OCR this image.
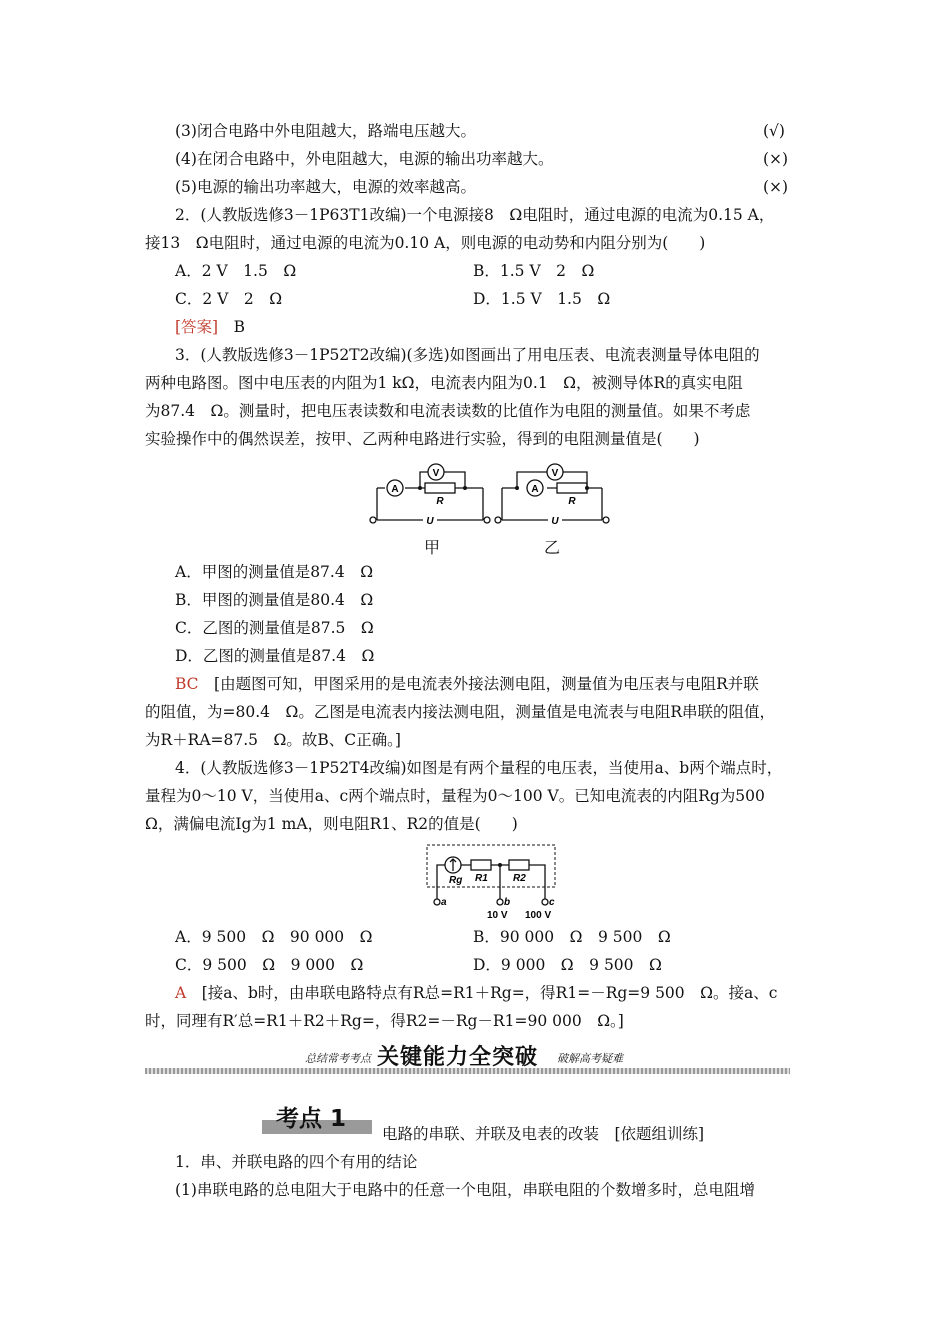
(3)闭合电路中外电阻越大，路端电压越大。	(√)
(4)在闭合电路中，外电阻越大，电源的输出功率越大。	(×)
(5)电源的输出功率越大，电源的效率越高。	(×)
2．(人教版选修3－1P63T1改编)一个电源接8　Ω电阻时，通过电源的电流为0.15 A，
接13　Ω电阻时，通过电源的电流为0.10 A，则电源的电动势和内阻分别为(　　)
A．2 V　1.5　Ω	B．1.5 V　2　Ω
C．2 V　2　Ω	D．1.5 V　1.5　Ω
[答案]　 B
3．(人教版选修3－1P52T2改编)(多选)如图画出了用电压表、电流表测量导体电阻的
两种电路图。图中电压表的内阻为1 kΩ，电流表内阻为0.1　Ω，被测导体R的真实电阻
为87.4　Ω。测量时，把电压表读数和电流表读数的比值作为电阻的测量值。如果不考虑
实验操作中的偶然误差，按甲、乙两种电路进行实验，得到的电阻测量值是(　　)
A
V
R
U
A
V
R
U
甲	乙
A．甲图的测量值是87.4　Ω
B．甲图的测量值是80.4　Ω
C．乙图的测量值是87.5　Ω
D．乙图的测量值是87.4　Ω
BC　[由题图可知，甲图采用的是电流表外接法测电阻，测量值为电压表与电阻R并联
的阻值，为=80.4　Ω。乙图是电流表内接法测电阻，测量值是电流表与电阻R串联的阻值，
为R＋RA=87.5　Ω。故B、C正确。]
4．(人教版选修3－1P52T4改编)如图是有两个量程的电压表，当使用a、b两个端点时，
量程为0～10 V，当使用a、c两个端点时，量程为0～100 V。已知电流表的内阻Rg为500
Ω，满偏电流Ig为1 mA，则电阻R1、R2的值是(　　)
Rg R1	R2
a	b	c
10 V 100 V
A．9 500　Ω　90 000　Ω	B．90 000　Ω　9 500　Ω
C．9 500　Ω　9 000　Ω	D．9 000　Ω　9 500　Ω
A　[接a、b时，由串联电路特点有R总=R1＋Rg=，得R1=－Rg=9 500　Ω。接a、c
时，同理有R′总=R1＋R2＋Rg=，得R2=－Rg－R1=90 000　Ω。]
总结常考考点 关键能力全突破 破解高考疑难
考点 1
电路的串联、并联及电表的改装　[依题组训练]
1．串、并联电路的四个有用的结论
(1)串联电路的总电阻大于电路中的任意一个电阻，串联电阻的个数增多时，总电阻增
